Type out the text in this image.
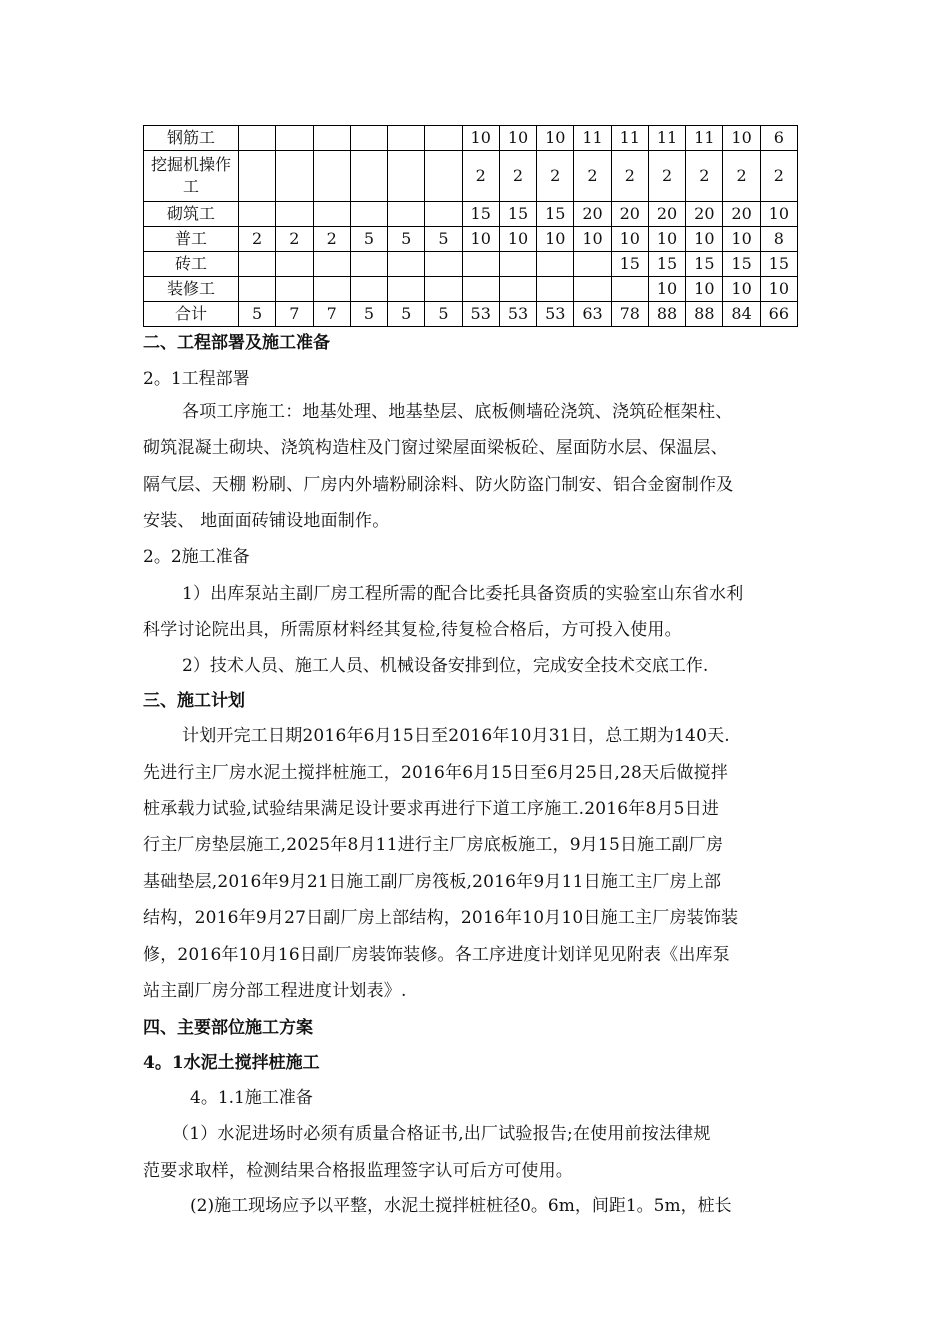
钢筋工							10	10	10	11	11	11	11	10	6
挖掘机操作工							2	2	2	2	2	2	2	2	2
砌筑工							15	15	15	20	20	20	20	20	10
普工	2	2	2	5	5	5	10	10	10	10	10	10	10	10	8
砖工											15	15	15	15	15
装修工												10	10	10	10
合计	5	7	7	5	5	5	53	53	53	63	78	88	88	84	66
二、工程部署及施工准备
2。1工程部署
各项工序施工：地基处理、地基垫层、底板侧墙砼浇筑、浇筑砼框架柱、
砌筑混凝土砌块、浇筑构造柱及门窗过梁屋面梁板砼、屋面防水层、保温层、
隔气层、天棚 粉刷、厂房内外墙粉刷涂料、防火防盗门制安、铝合金窗制作及
安装、 地面面砖铺设地面制作。
2。2施工准备
1）出库泵站主副厂房工程所需的配合比委托具备资质的实验室山东省水利
科学讨论院出具，所需原材料经其复检,待复检合格后，方可投入使用。
2）技术人员、施工人员、机械设备安排到位，完成安全技术交底工作.
三、施工计划
计划开完工日期2016年6月15日至2016年10月31日，总工期为140天.
先进行主厂房水泥土搅拌桩施工，2016年6月15日至6月25日,28天后做搅拌
桩承载力试验,试验结果满足设计要求再进行下道工序施工.2016年8月5日进
行主厂房垫层施工,2025年8月11进行主厂房底板施工，9月15日施工副厂房
基础垫层,2016年9月21日施工副厂房筏板,2016年9月11日施工主厂房上部
结构，2016年9月27日副厂房上部结构，2016年10月10日施工主厂房装饰装
修，2016年10月16日副厂房装饰装修。各工序进度计划详见见附表《出库泵
站主副厂房分部工程进度计划表》.
四、主要部位施工方案
4。1水泥土搅拌桩施工
4。1.1施工准备
（1）水泥进场时必须有质量合格证书,出厂试验报告;在使用前按法律规
范要求取样，检测结果合格报监理签字认可后方可使用。
(2)施工现场应予以平整，水泥土搅拌桩桩径0。6m，间距1。5m，桩长
